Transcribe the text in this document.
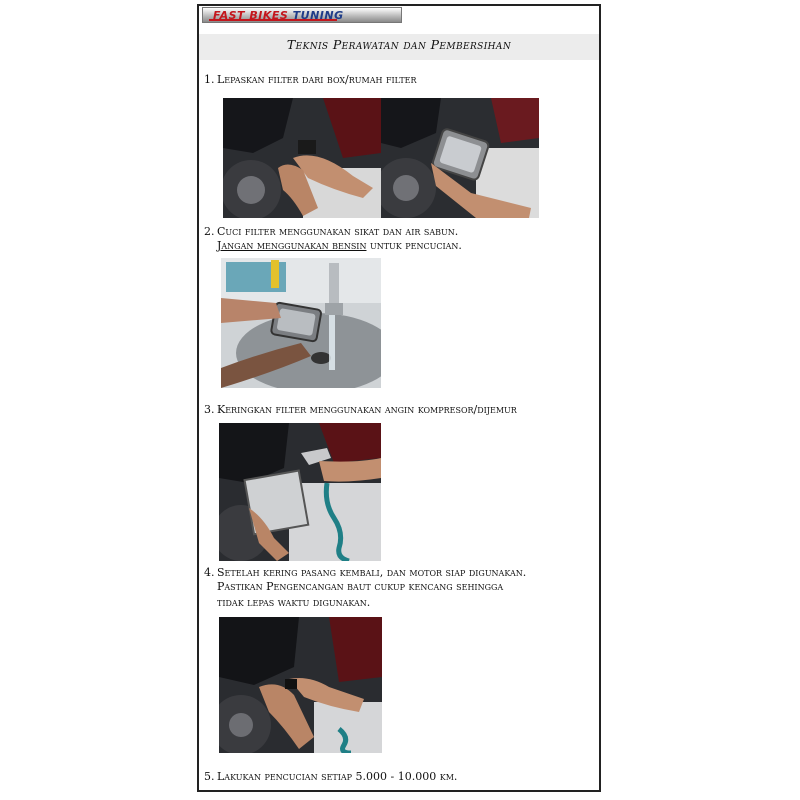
FAST BIKES TUNING
Teknis Perawatan dan Pembersihan
1. Lepaskan filter dari box/rumah filter
2. Cuci filter menggunakan sikat dan air sabun.
Jangan menggunakan bensin untuk pencucian.
3. Keringkan filter menggunakan angin kompresor/dijemur
4. Setelah kering pasang kembali, dan motor siap digunakan.
Pastikan Pengencangan baut cukup kencang sehingga
tidak lepas waktu digunakan.
5. Lakukan pencucian setiap 5.000 - 10.000 km.
